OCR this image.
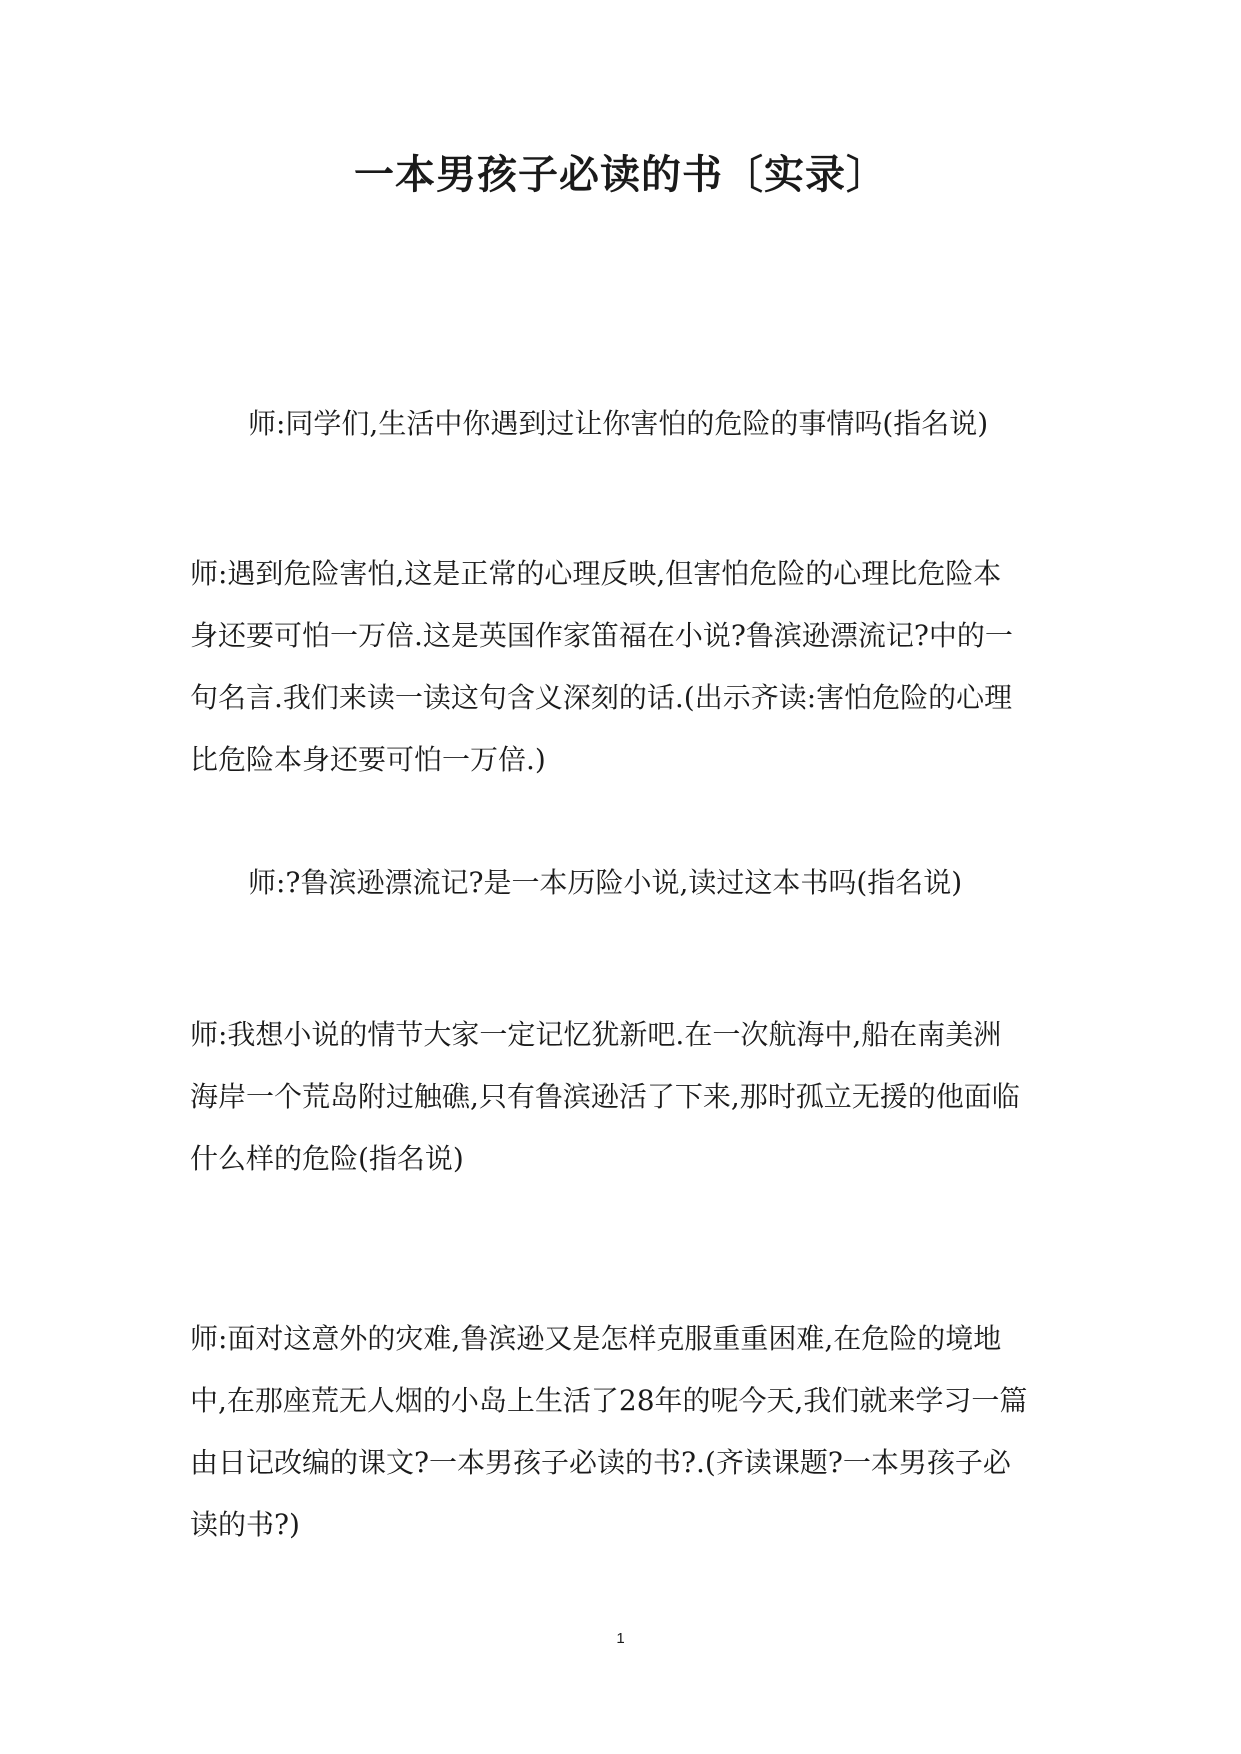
一本男孩子必读的书〔实录〕

师:同学们,生活中你遇到过让你害怕的危险的事情吗(指名说)

师:遇到危险害怕,这是正常的心理反映,但害怕危险的心理比危险本
身还要可怕一万倍.这是英国作家笛福在小说?鲁滨逊漂流记?中的一
句名言.我们来读一读这句含义深刻的话.(出示齐读:害怕危险的心理
比危险本身还要可怕一万倍.)

师:?鲁滨逊漂流记?是一本历险小说,读过这本书吗(指名说)

师:我想小说的情节大家一定记忆犹新吧.在一次航海中,船在南美洲
海岸一个荒岛附过触礁,只有鲁滨逊活了下来,那时孤立无援的他面临
什么样的危险(指名说)

师:面对这意外的灾难,鲁滨逊又是怎样克服重重困难,在危险的境地
中,在那座荒无人烟的小岛上生活了28年的呢今天,我们就来学习一篇
由日记改编的课文?一本男孩子必读的书?.(齐读课题?一本男孩子必
读的书?)

1
